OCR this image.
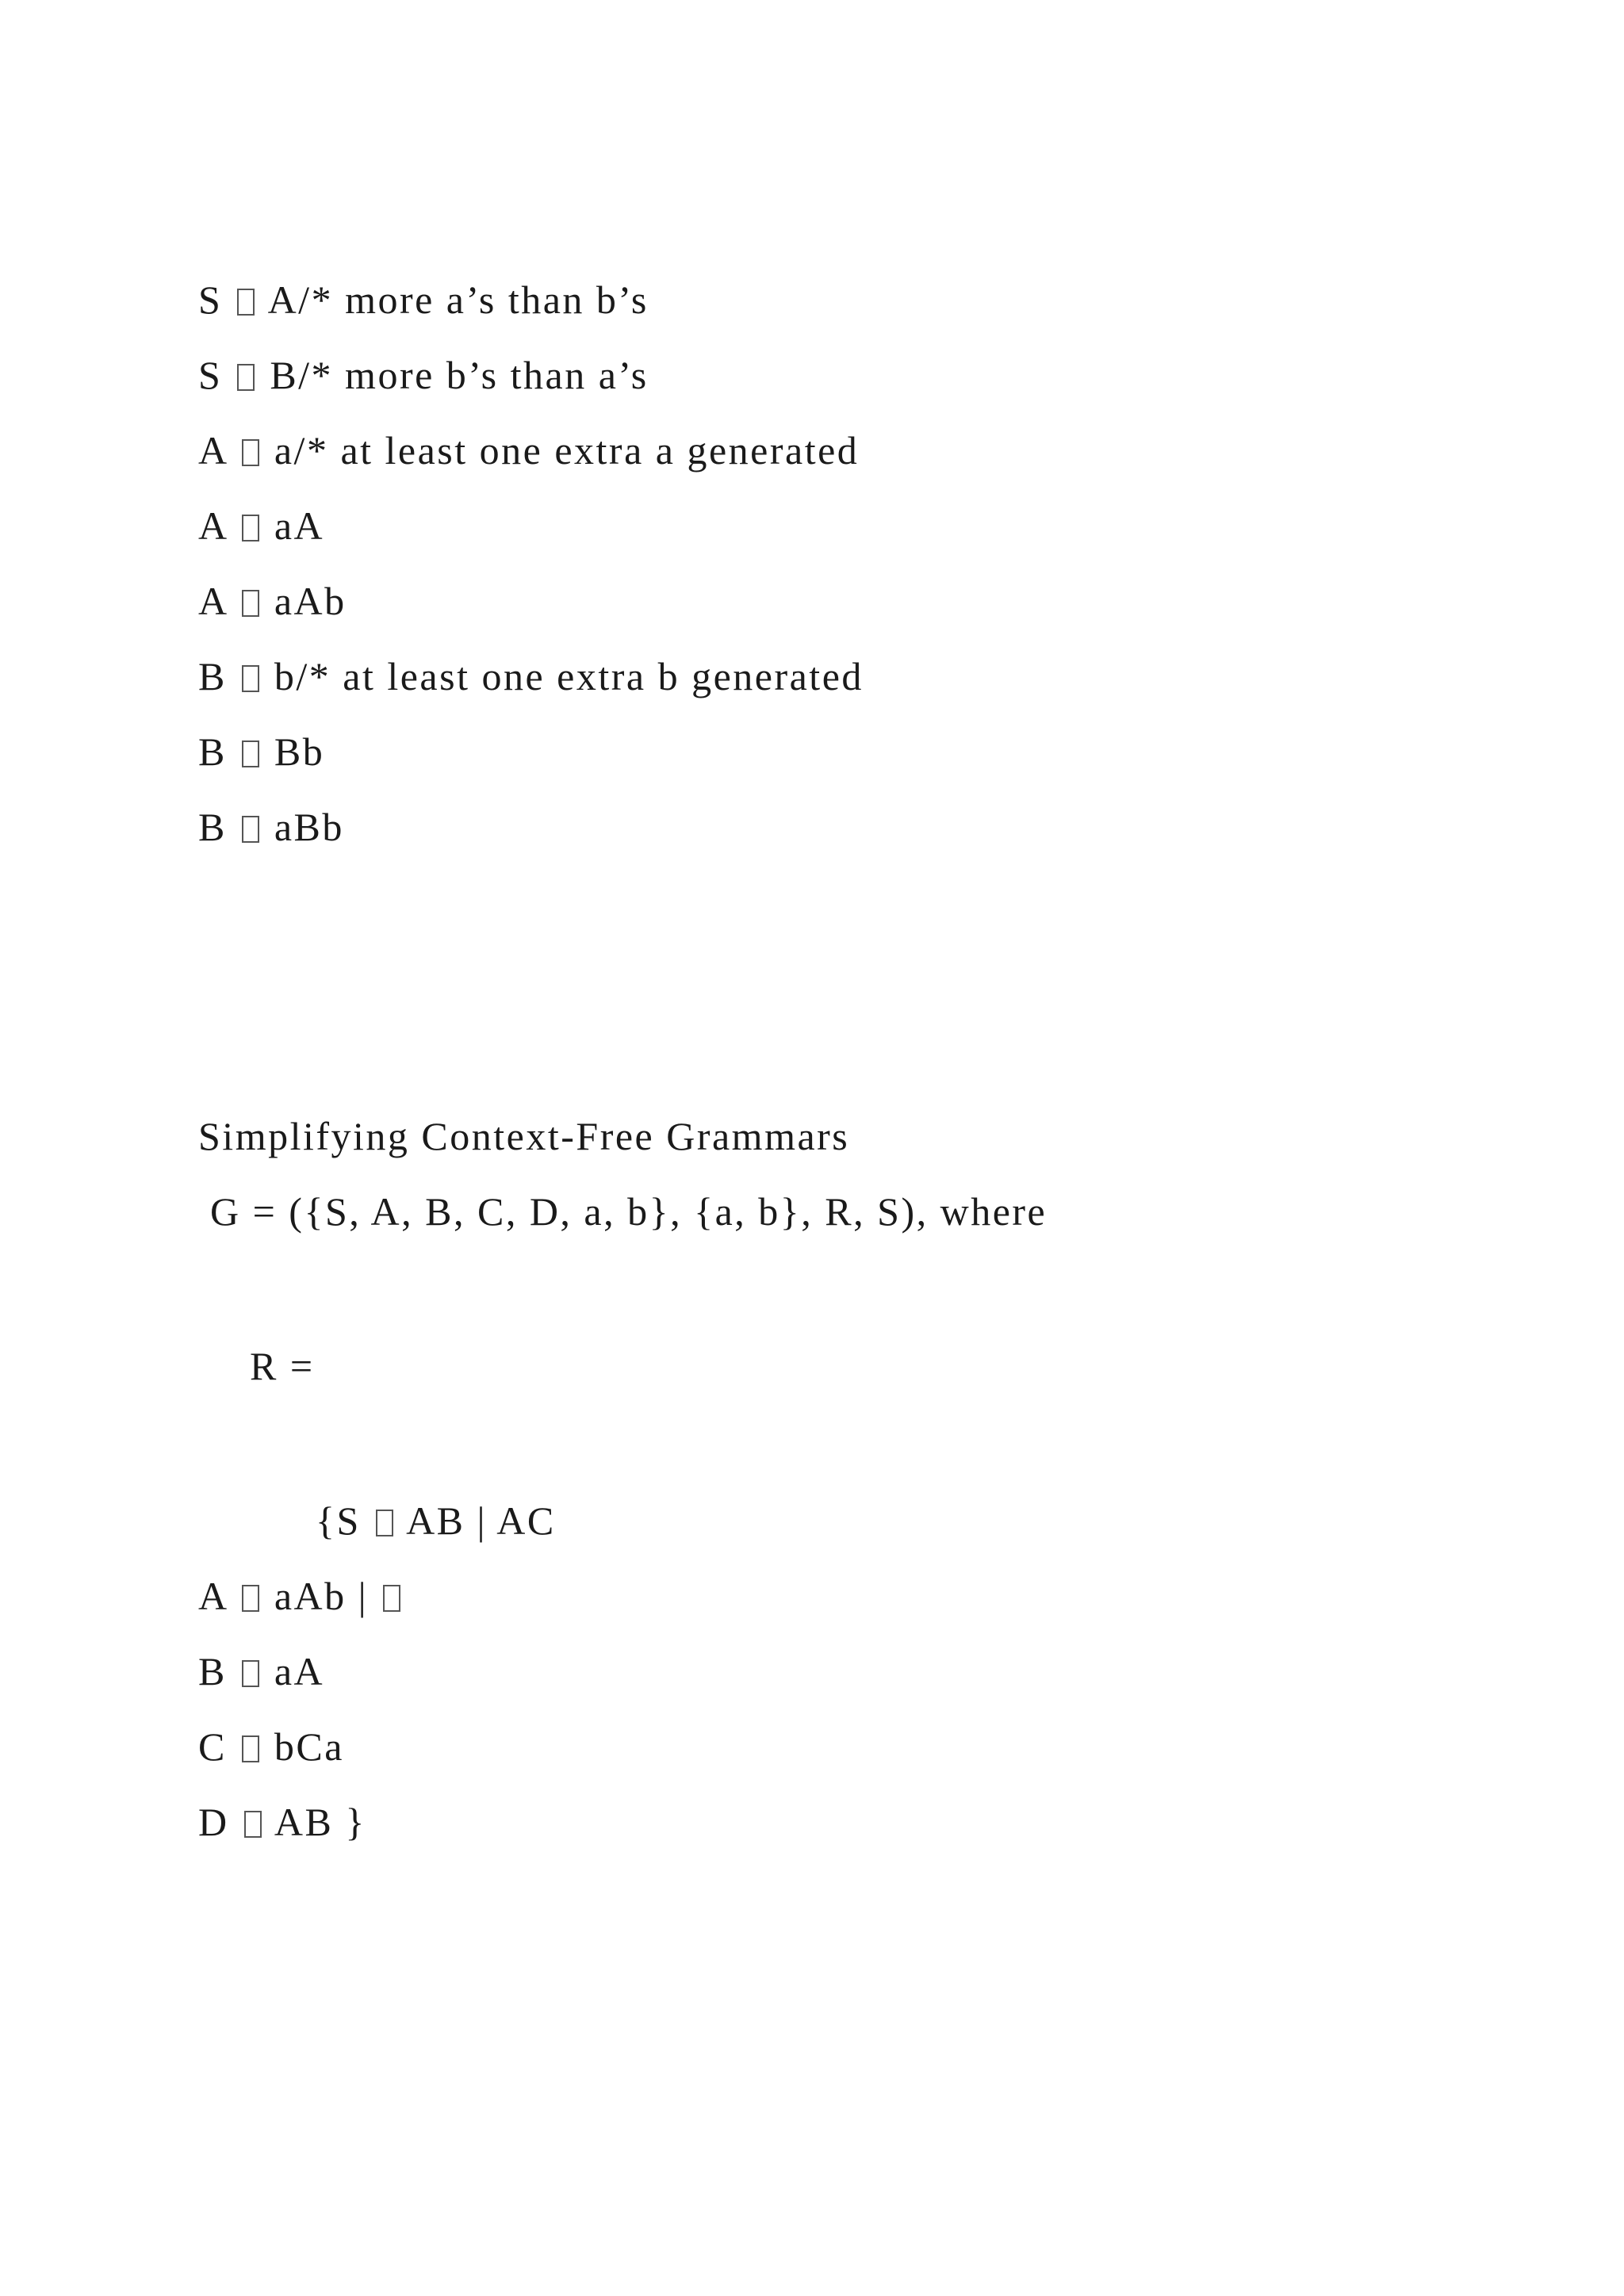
S A/* more a’s than b’s
S B/* more b’s than a’s
A a/* at least one extra a generated
A aA
A aAb
B b/* at least one extra b generated
B Bb
B aBb
Simplifying Context-Free Grammars
G = ({S, A, B, C, D, a, b}, {a, b}, R, S), where
R =
{S AB | AC
A aAb |
B aA
C bCa
D AB }
